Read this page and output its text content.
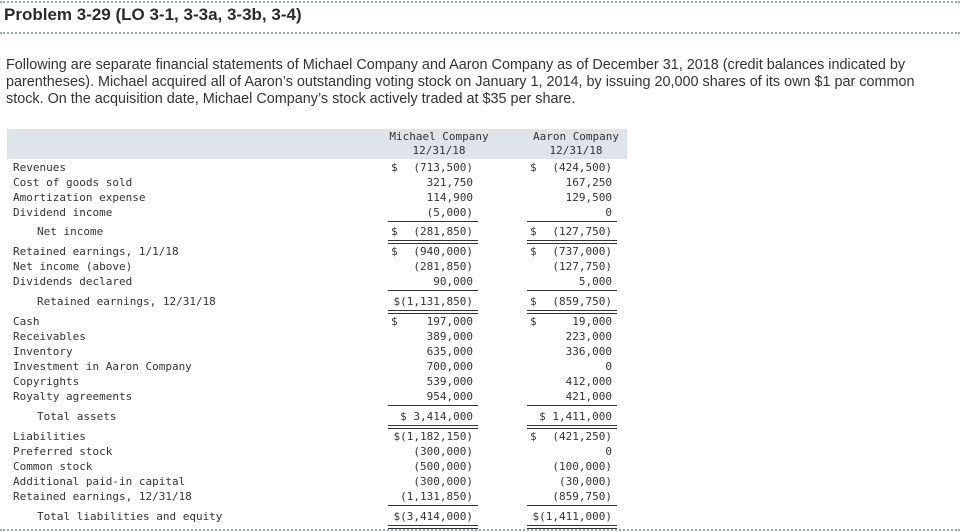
Problem 3-29 (LO 3-1, 3-3a, 3-3b, 3-4)
Following are separate financial statements of Michael Company and Aaron Company as of December 31, 2018 (credit balances indicated by parentheses). Michael acquired all of Aaron’s outstanding voting stock on January 1, 2014, by issuing 20,000 shares of its own $1 par common stock. On the acquisition date, Michael Company’s stock actively traded at $35 per share.
Michael Company
12/31/18
Aaron Company
12/31/18
Revenues	$ (713,500)	$ (424,500)
Cost of goods sold	321,750	167,250
Amortization expense	114,900	129,500
Dividend income	(5,000)	0
Net income	$ (281,850)	$ (127,750)
Retained earnings, 1/1/18	$ (940,000)	$ (737,000)
Net income (above)	(281,850)	(127,750)
Dividends declared	90,000	5,000
Retained earnings, 12/31/18	$(1,131,850)	$ (859,750)
Cash	$	197,000	$	19,000
Receivables	389,000	223,000
Inventory	635,000	336,000
Investment in Aaron Company	700,000	0
Copyrights	539,000	412,000
Royalty agreements	954,000	421,000
Total assets	$ 3,414,000	$ 1,411,000
Liabilities	$(1,182,150)	$ (421,250)
Preferred stock	(300,000)	0
Common stock	(500,000)	(100,000)
Additional paid-in capital	(300,000)	(30,000)
Retained earnings, 12/31/18	(1,131,850)	(859,750)
Total liabilities and equity	$(3,414,000)	$(1,411,000)
